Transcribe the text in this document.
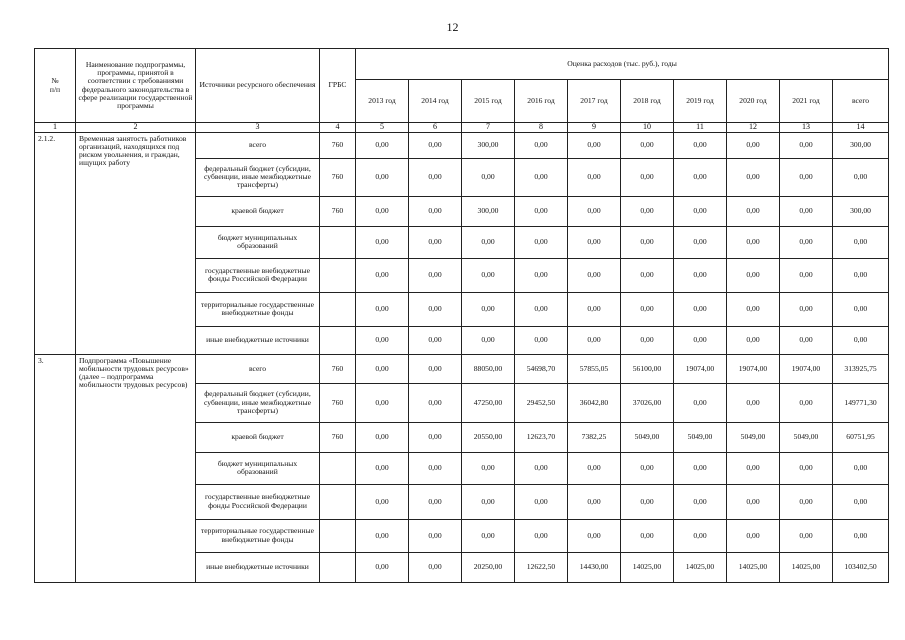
12
№
п/п	Наименование подпрограммы, программы, принятой в соответствии с требованиями федерального законодательства в сфере реализации государственной программы	Источники ресурсного обеспечения	ГРБС	Оценка расходов (тыс. руб.), годы									
				2013 год	2014 год	2015 год	2016 год	2017 год	2018 год	2019 год	2020 год	2021 год	всего
1	2	3	4	5	6	7	8	9	10	11	12	13	14
2.1.2.	Временная занятость работников организаций, находящихся под риском увольнения, и граждан, ищущих работу	всего	760	0,00	0,00	300,00	0,00	0,00	0,00	0,00	0,00	0,00	300,00
		федеральный бюджет (субсидии, субвенции, иные межбюджетные трансферты)	760	0,00	0,00	0,00	0,00	0,00	0,00	0,00	0,00	0,00	0,00
		краевой бюджет	760	0,00	0,00	300,00	0,00	0,00	0,00	0,00	0,00	0,00	300,00
		бюджет муниципальных образований		0,00	0,00	0,00	0,00	0,00	0,00	0,00	0,00	0,00	0,00
		государственные внебюджетные фонды Российской Федерации		0,00	0,00	0,00	0,00	0,00	0,00	0,00	0,00	0,00	0,00
		территориальные государственные внебюджетные фонды		0,00	0,00	0,00	0,00	0,00	0,00	0,00	0,00	0,00	0,00
		иные внебюджетные источники		0,00	0,00	0,00	0,00	0,00	0,00	0,00	0,00	0,00	0,00
3.	Подпрограмма «Повышение мобильности трудовых ресурсов» (далее – подпрограмма мобильности трудовых ресурсов)	всего	760	0,00	0,00	88050,00	54698,70	57855,05	56100,00	19074,00	19074,00	19074,00	313925,75
		федеральный бюджет (субсидии, субвенции, иные межбюджетные трансферты)	760	0,00	0,00	47250,00	29452,50	36042,80	37026,00	0,00	0,00	0,00	149771,30
		краевой бюджет	760	0,00	0,00	20550,00	12623,70	7382,25	5049,00	5049,00	5049,00	5049,00	60751,95
		бюджет муниципальных образований		0,00	0,00	0,00	0,00	0,00	0,00	0,00	0,00	0,00	0,00
		государственные внебюджетные фонды Российской Федерации		0,00	0,00	0,00	0,00	0,00	0,00	0,00	0,00	0,00	0,00
		территориальные государственные внебюджетные фонды		0,00	0,00	0,00	0,00	0,00	0,00	0,00	0,00	0,00	0,00
		иные внебюджетные источники		0,00	0,00	20250,00	12622,50	14430,00	14025,00	14025,00	14025,00	14025,00	103402,50
